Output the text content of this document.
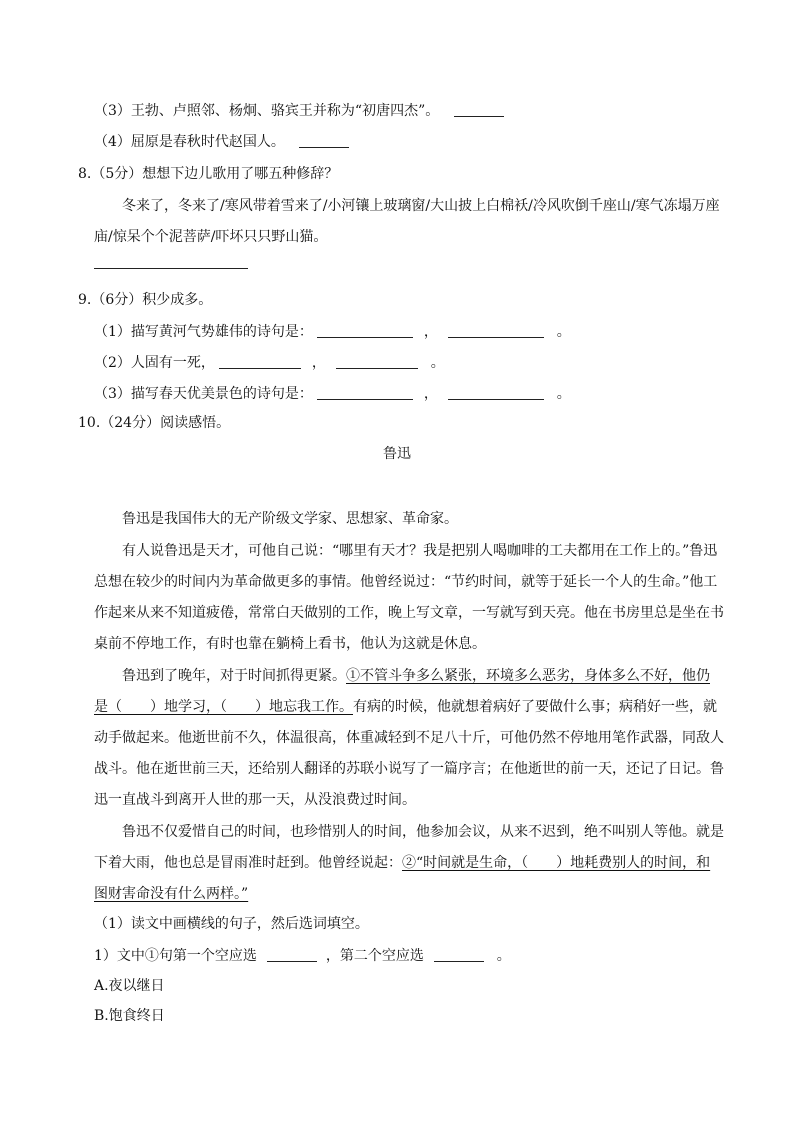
（3）王勃、卢照邻、杨炯、骆宾王并称为“初唐四杰”。
（4）屈原是春秋时代赵国人。
8.（5分）想想下边儿歌用了哪五种修辞？
冬来了，冬来了/寒风带着雪来了/小河镶上玻璃窗/大山披上白棉袄/冷风吹倒千座山/寒气冻塌万座
庙/惊呆个个泥菩萨/吓坏只只野山猫。
9.（6分）积少成多。
（1）描写黄河气势雄伟的诗句是：	，	。
（2）人固有一死，	，	。
（3）描写春天优美景色的诗句是：	，	。
10.（24分）阅读感悟。
鲁迅
鲁迅是我国伟大的无产阶级文学家、思想家、革命家。
有人说鲁迅是天才，可他自己说：“哪里有天才？我是把别人喝咖啡的工夫都用在工作上的。”鲁迅
总想在较少的时间内为革命做更多的事情。他曾经说过：“节约时间，就等于延长一个人的生命。”他工
作起来从来不知道疲倦，常常白天做别的工作，晚上写文章，一写就写到天亮。他在书房里总是坐在书
桌前不停地工作，有时也靠在躺椅上看书，他认为这就是休息。
鲁迅到了晚年，对于时间抓得更紧。①不管斗争多么紧张，环境多么恶劣，身体多么不好，他仍
是（　　）地学习，（　　）地忘我工作。有病的时候，他就想着病好了要做什么事；病稍好一些，就
动手做起来。他逝世前不久，体温很高，体重减轻到不足八十斤，可他仍然不停地用笔作武器，同敌人
战斗。他在逝世前三天，还给别人翻译的苏联小说写了一篇序言；在他逝世的前一天，还记了日记。鲁
迅一直战斗到离开人世的那一天，从没浪费过时间。
鲁迅不仅爱惜自己的时间，也珍惜别人的时间，他参加会议，从来不迟到，绝不叫别人等他。就是
下着大雨，他也总是冒雨准时赶到。他曾经说起：②“时间就是生命，（　　）地耗费别人的时间，和
图财害命没有什么两样。”
（1）读文中画横线的句子，然后选词填空。
1）文中①句第一个空应选	，第二个空应选	。
A.夜以继日
B.饱食终日
